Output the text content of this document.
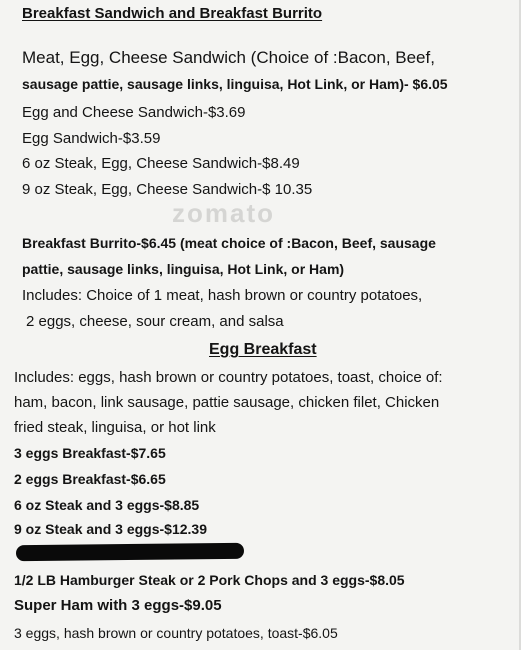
zomato
Breakfast Sandwich and Breakfast Burrito
Meat, Egg, Cheese Sandwich (Choice of :Bacon, Beef,
sausage pattie, sausage links, linguisa, Hot Link, or Ham)- $6.05
Egg and Cheese Sandwich-$3.69
Egg Sandwich-$3.59
6 oz Steak, Egg, Cheese Sandwich-$8.49
9 oz Steak, Egg, Cheese Sandwich-$ 10.35
Breakfast Burrito-$6.45 (meat choice of :Bacon, Beef, sausage
pattie, sausage links, linguisa, Hot Link, or Ham)
Includes: Choice of 1 meat, hash brown or country potatoes,
2 eggs, cheese, sour cream, and salsa
Egg Breakfast
Includes: eggs, hash brown or country potatoes, toast, choice of:
ham, bacon, link sausage, pattie sausage, chicken filet, Chicken
fried steak, linguisa, or hot link
3 eggs Breakfast-$7.65
2 eggs Breakfast-$6.65
6 oz Steak and 3 eggs-$8.85
9 oz Steak and 3 eggs-$12.39
1/2 LB Hamburger Steak or 2 Pork Chops and 3 eggs-$8.05
Super Ham with 3 eggs-$9.05
3 eggs, hash brown or country potatoes, toast-$6.05
